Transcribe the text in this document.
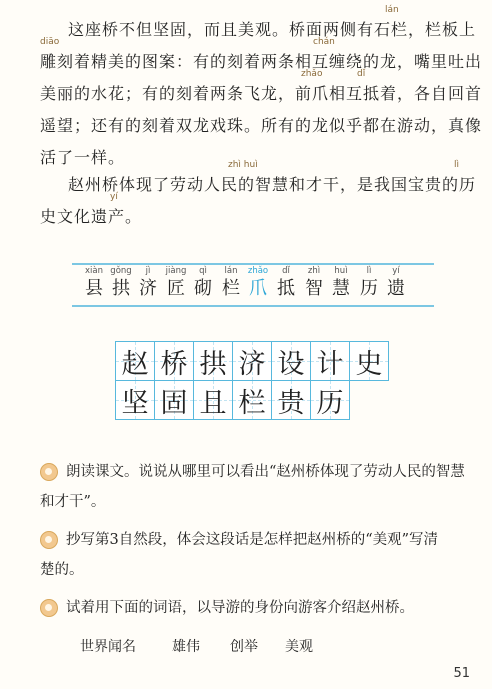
lán
这座桥不但坚固，而且美观。桥面两侧有石栏，栏板上
diāo	chán
雕刻着精美的图案：有的刻着两条相互缠绕的龙，嘴里吐出
zhǎo	dǐ
美丽的水花；有的刻着两条飞龙，前爪相互抵着，各自回首
遥望；还有的刻着双龙戏珠。所有的龙似乎都在游动，真像
活了一样。	zhì huì	lì
赵州桥体现了劳动人民的智慧和才干，是我国宝贵的历
yí
史文化遗产。
xiàn
县
gǒng
拱
jì
济
jiàng
匠
qì
砌
lán
栏
zhǎo
爪
dǐ
抵
zhì
智
huì
慧
lì
历
yí
遗
赵 桥 拱 济 设 计 史
坚 固 且 栏 贵 历
朗读课文。说说从哪里可以看出“赵州桥体现了劳动人民的智慧
和才干”。
抄写第3自然段，体会这段话是怎样把赵州桥的“美观”写清
楚的。
试着用下面的词语，以导游的身份向游客介绍赵州桥。
世界闻名	雄伟 创举 美观
51
